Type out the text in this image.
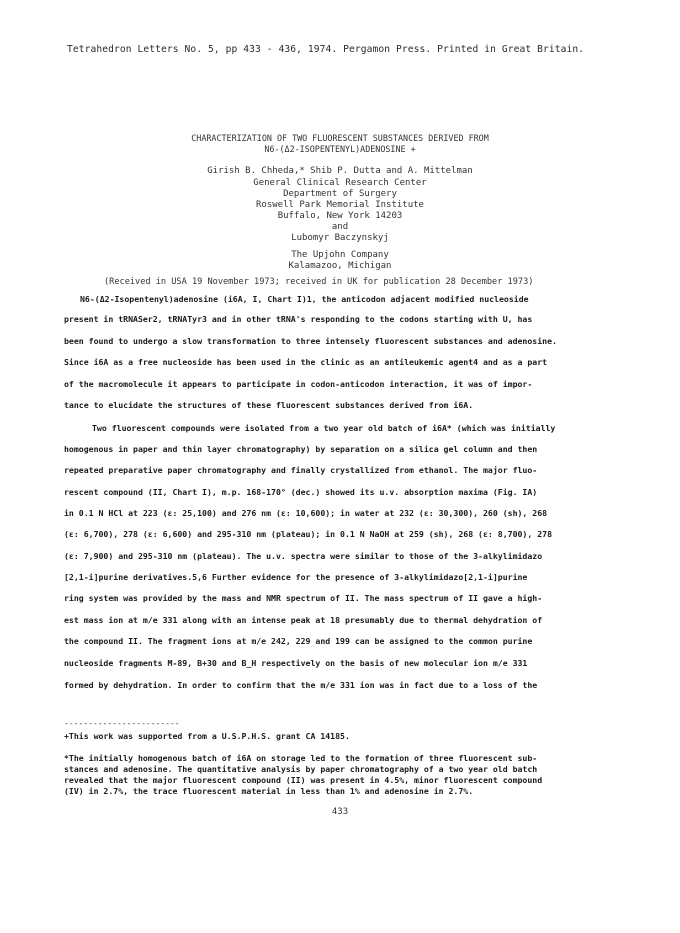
Tetrahedron Letters No. 5, pp 433 - 436, 1974. Pergamon Press. Printed in Great Britain.
CHARACTERIZATION OF TWO FLUORESCENT SUBSTANCES DERIVED FROM
N6-(Δ2-ISOPENTENYL)ADENOSINE +
Girish B. Chheda,* Shib P. Dutta and A. Mittelman
General Clinical Research Center
Department of Surgery
Roswell Park Memorial Institute
Buffalo, New York 14203
and
Lubomyr Baczynskyj
The Upjohn Company
Kalamazoo, Michigan
(Received in USA 19 November 1973; received in UK for publication 28 December 1973)
N6-(Δ2-Isopentenyl)adenosine (i6A, I, Chart I)1, the anticodon adjacent modified nucleoside
present in tRNASer2, tRNATyr3 and in other tRNA's responding to the codons starting with U, has
been found to undergo a slow transformation to three intensely fluorescent substances and adenosine.
Since i6A as a free nucleoside has been used in the clinic as an antileukemic agent4 and as a part
of the macromolecule it appears to participate in codon-anticodon interaction, it was of impor-
tance to elucidate the structures of these fluorescent substances derived from i6A.
Two fluorescent compounds were isolated from a two year old batch of i6A* (which was initially
homogenous in paper and thin layer chromatography) by separation on a silica gel column and then
repeated preparative paper chromatography and finally crystallized from ethanol. The major fluo-
rescent compound (II, Chart I), m.p. 168-170° (dec.) showed its u.v. absorption maxima (Fig. IA)
in 0.1 N HCl at 223 (ε: 25,100) and 276 nm (ε: 10,600); in water at 232 (ε: 30,300), 260 (sh), 268
(ε: 6,700), 278 (ε: 6,600) and 295-310 nm (plateau); in 0.1 N NaOH at 259 (sh), 268 (ε: 8,700), 278
(ε: 7,900) and 295-310 nm (plateau). The u.v. spectra were similar to those of the 3-alkylimidazo
[2,1-i]purine derivatives.5,6 Further evidence for the presence of 3-alkylimidazo[2,1-i]purine
ring system was provided by the mass and NMR spectrum of II. The mass spectrum of II gave a high-
est mass ion at m/e 331 along with an intense peak at 18 presumably due to thermal dehydration of
the compound II. The fragment ions at m/e 242, 229 and 199 can be assigned to the common purine
nucleoside fragments M-89, B+30 and B_H respectively on the basis of new molecular ion m/e 331
formed by dehydration. In order to confirm that the m/e 331 ion was in fact due to a loss of the
------------------------
+This work was supported from a U.S.P.H.S. grant CA 14185.
*The initially homogenous batch of i6A on storage led to the formation of three fluorescent sub-
stances and adenosine. The quantitative analysis by paper chromatography of a two year old batch
revealed that the major fluorescent compound (II) was present in 4.5%, minor fluorescent compound
(IV) in 2.7%, the trace fluorescent material in less than 1% and adenosine in 2.7%.
433
